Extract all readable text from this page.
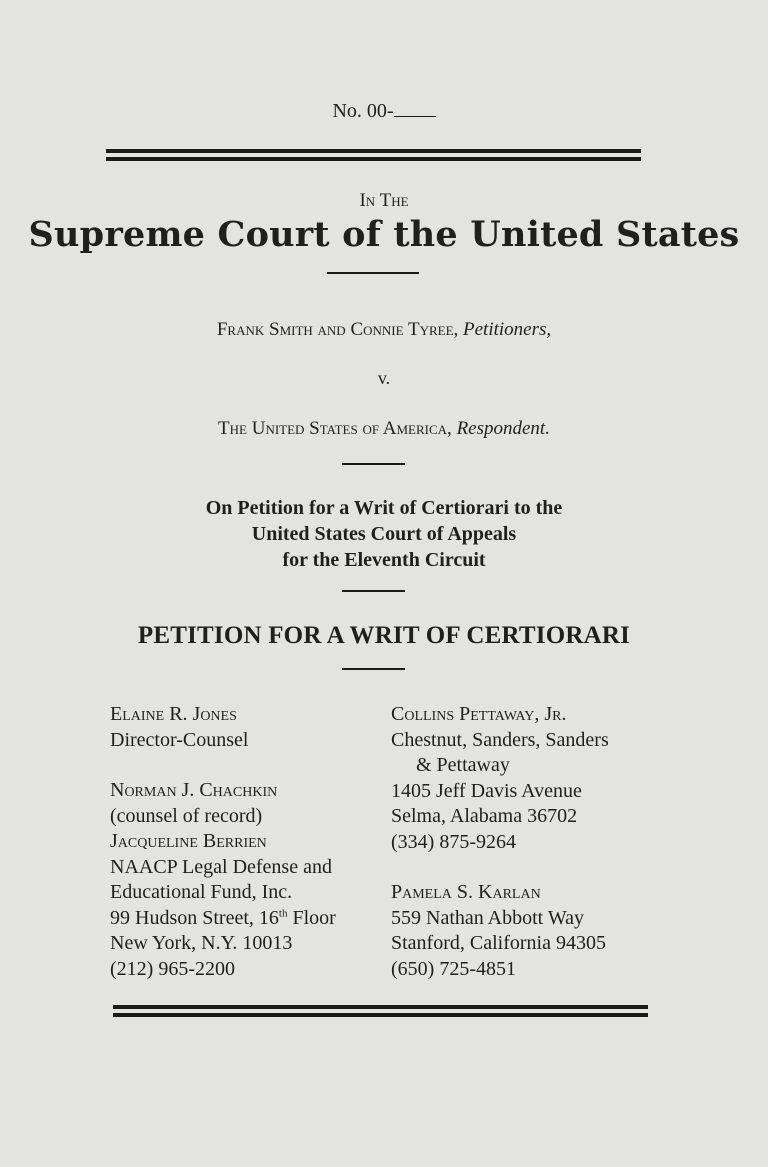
No. 00-
In The
Supreme Court of the United States
Frank Smith and Connie Tyree, Petitioners,
v.
The United States of America, Respondent.
On Petition for a Writ of Certiorari to the
United States Court of Appeals
for the Eleventh Circuit
PETITION FOR A WRIT OF CERTIORARI
Elaine R. Jones
Director-Counsel
Norman J. Chachkin
(counsel of record)
Jacqueline Berrien
NAACP Legal Defense and
Educational Fund, Inc.
99 Hudson Street, 16th Floor
New York, N.Y. 10013
(212) 965-2200
Collins Pettaway, Jr.
Chestnut, Sanders, Sanders
& Pettaway
1405 Jeff Davis Avenue
Selma, Alabama 36702
(334) 875-9264
Pamela S. Karlan
559 Nathan Abbott Way
Stanford, California 94305
(650) 725-4851
